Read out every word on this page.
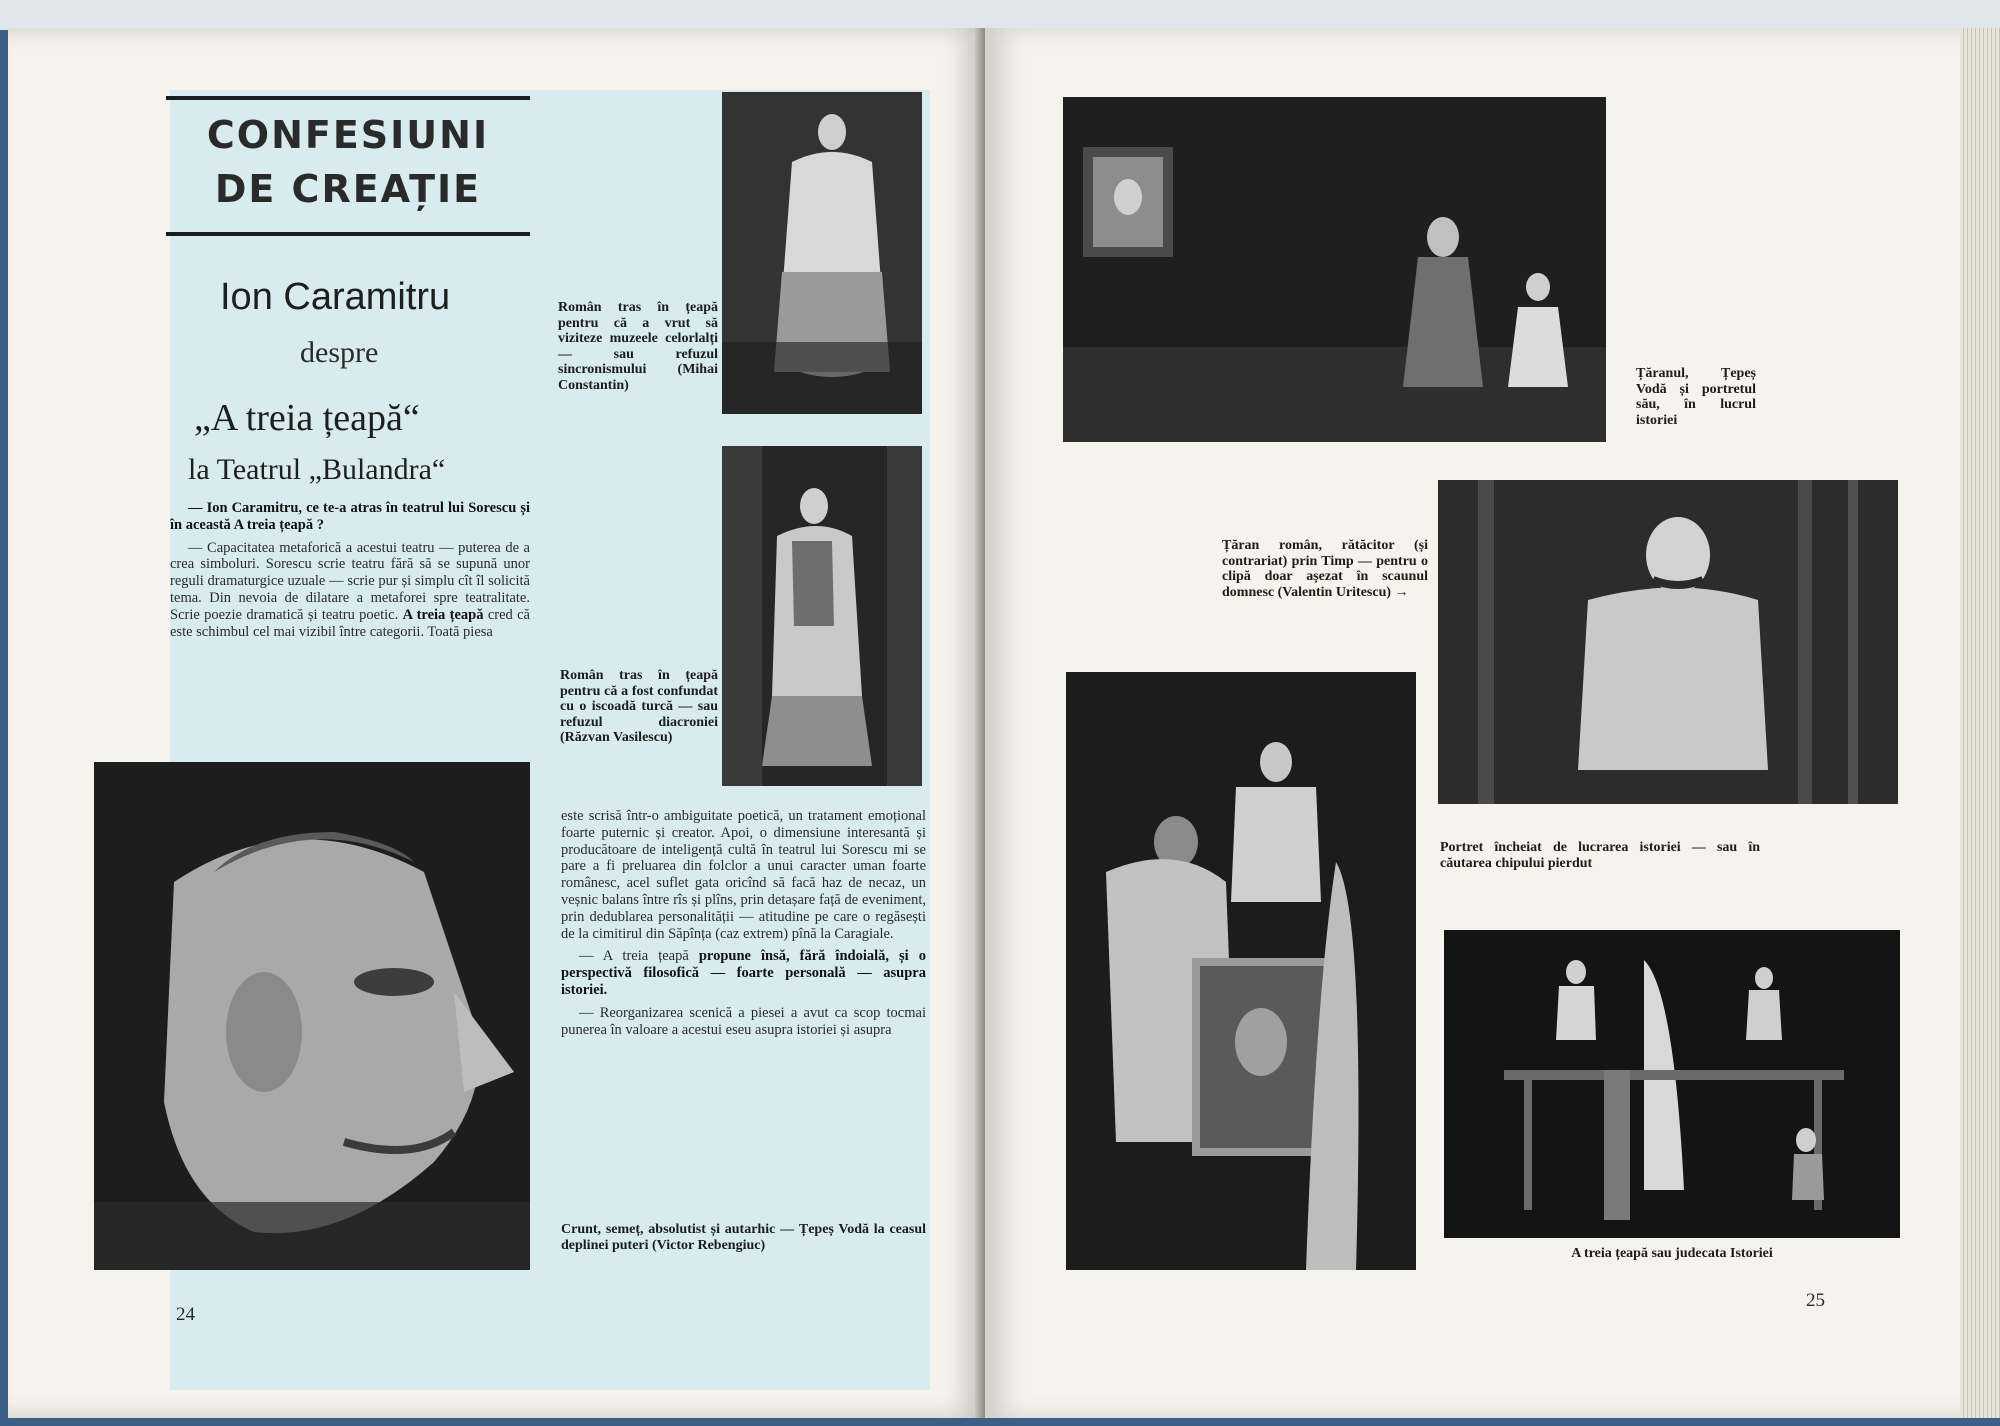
CONFESIUNI
DE CREAȚIE
Ion Caramitru
despre
„A treia țeapă“
la Teatrul „Bulandra“

— Ion Caramitru, ce te-a atras în teatrul lui Sorescu și în această A treia țeapă ?

— Capacitatea metaforică a acestui teatru — puterea de a crea simboluri. Sorescu scrie teatru fără să se supună unor reguli dramaturgice uzuale — scrie pur și simplu cît îl solicită tema. Din nevoia de dilatare a metaforei spre teatralitate. Scrie poezie dramatică și teatru poetic. A treia țeapă cred că este schimbul cel mai vizibil între categorii. Toată piesa

Român tras în țeapă pentru că a vrut să viziteze muzeele celorlalți — sau refuzul sincronismului (Mihai Constantin)
Român tras în țeapă pentru că a fost confundat cu o iscoadă turcă — sau refuzul diacroniei (Răzvan Vasilescu)

este scrisă într-o ambiguitate poetică, un tratament emoțional foarte puternic și creator. Apoi, o dimensiune interesantă și producătoare de inteligență cultă în teatrul lui Sorescu mi se pare a fi preluarea din folclor a unui caracter uman foarte românesc, acel suflet gata oricînd să facă haz de necaz, un veșnic balans între rîs și plîns, prin detașare față de eveniment, prin dedublarea personalității — atitudine pe care o regăsești de la cimitirul din Săpînța (caz extrem) pînă la Caragiale.

— A treia țeapă propune însă, fără îndoială, și o perspectivă filosofică — foarte personală — asupra istoriei.

— Reorganizarea scenică a piesei a avut ca scop tocmai punerea în valoare a acestui eseu asupra istoriei și asupra

Crunt, semeț, absolutist și autarhic — Țepeș Vodă la ceasul deplinei puteri (Victor Rebengiuc)
24
Țăranul, Țepeș Vodă și portretul său, în lucrul istoriei
Țăran român, rătăcitor (și contrariat) prin Timp — pentru o clipă doar așezat în scaunul domnesc (Valentin Uritescu) →
Portret încheiat de lucrarea istoriei — sau în căutarea chipului pierdut
A treia țeapă sau judecata Istoriei
25
